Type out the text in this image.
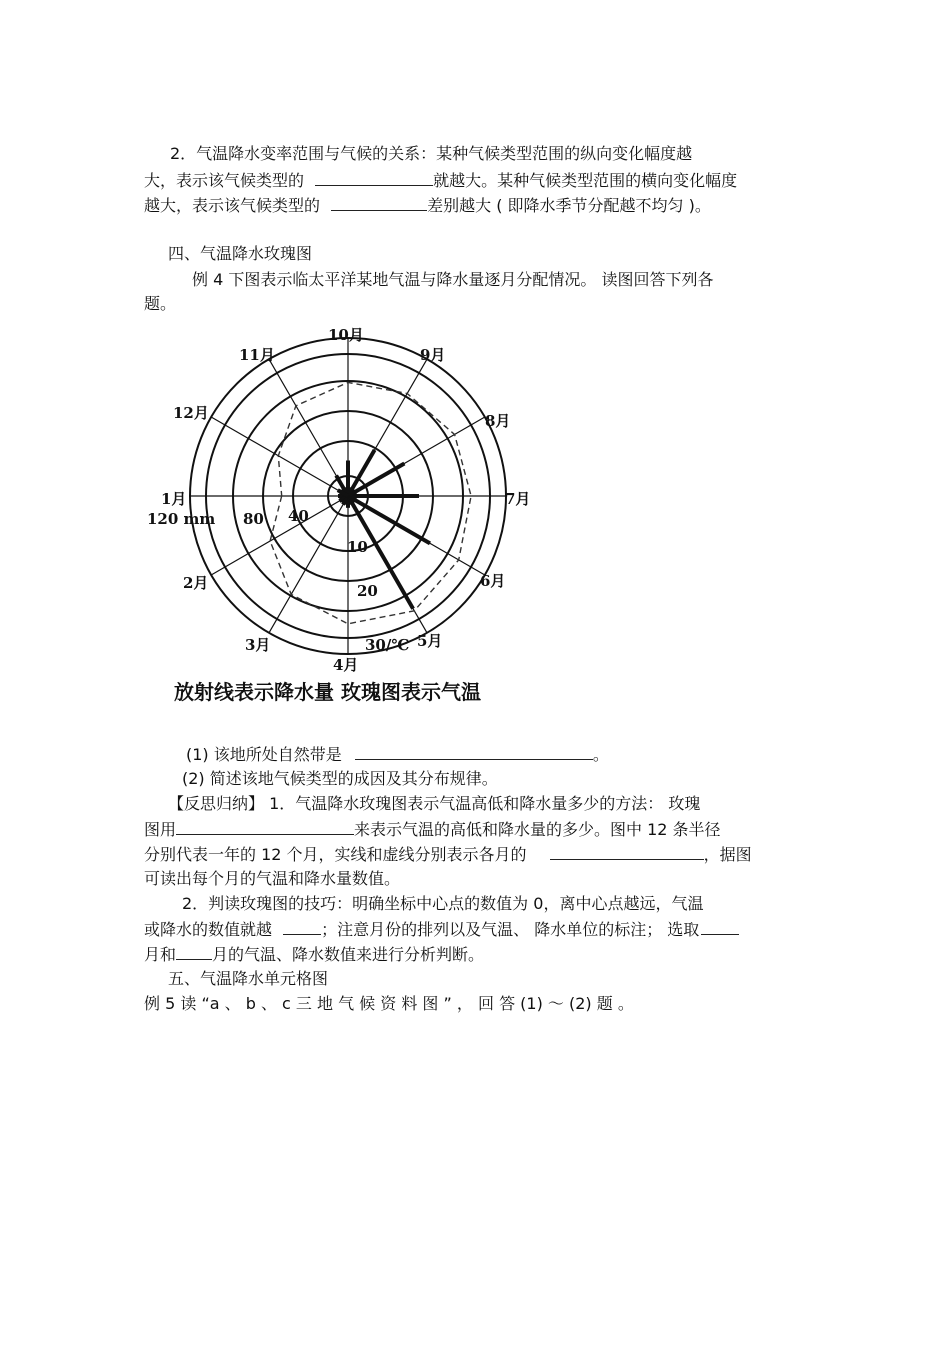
2．气温降水变率范围与气候的关系：某种气候类型范围的纵向变化幅度越
大，表示该气候类型的	就越大。某种气候类型范围的横向变化幅度
越大，表示该气候类型的	差别越大 ( 即降水季节分配越不均匀 )。
四、气温降水玫瑰图
例 4 下图表示临太平洋某地气温与降水量逐月分配情况。 读图回答下列各
题。
1月
2月
3月
4月
5月
6月
7月
8月
9月
10月
11月
12月
40
80
120 mm
10
20
30/℃
放射线表示降水量 玫瑰图表示气温
(1) 该地所处自然带是	。
(2) 简述该地气候类型的成因及其分布规律。
【反思归纳】 1．气温降水玫瑰图表示气温高低和降水量多少的方法： 玫瑰
图用	来表示气温的高低和降水量的多少。图中 12 条半径
分别代表一年的 12 个月，实线和虚线分别表示各月的	，据图
可读出每个月的气温和降水量数值。
2．判读玫瑰图的技巧：明确坐标中心点的数值为 0，离中心点越远，气温
或降水的数值就越	；注意月份的排列以及气温、 降水单位的标注； 选取
月和 月的气温、降水数值来进行分析判断。
五、气温降水单元格图
例 5 读 “a 、 b 、 c 三 地 气 候 资 料 图 ” ， 回 答 (1) ～ (2) 题 。
